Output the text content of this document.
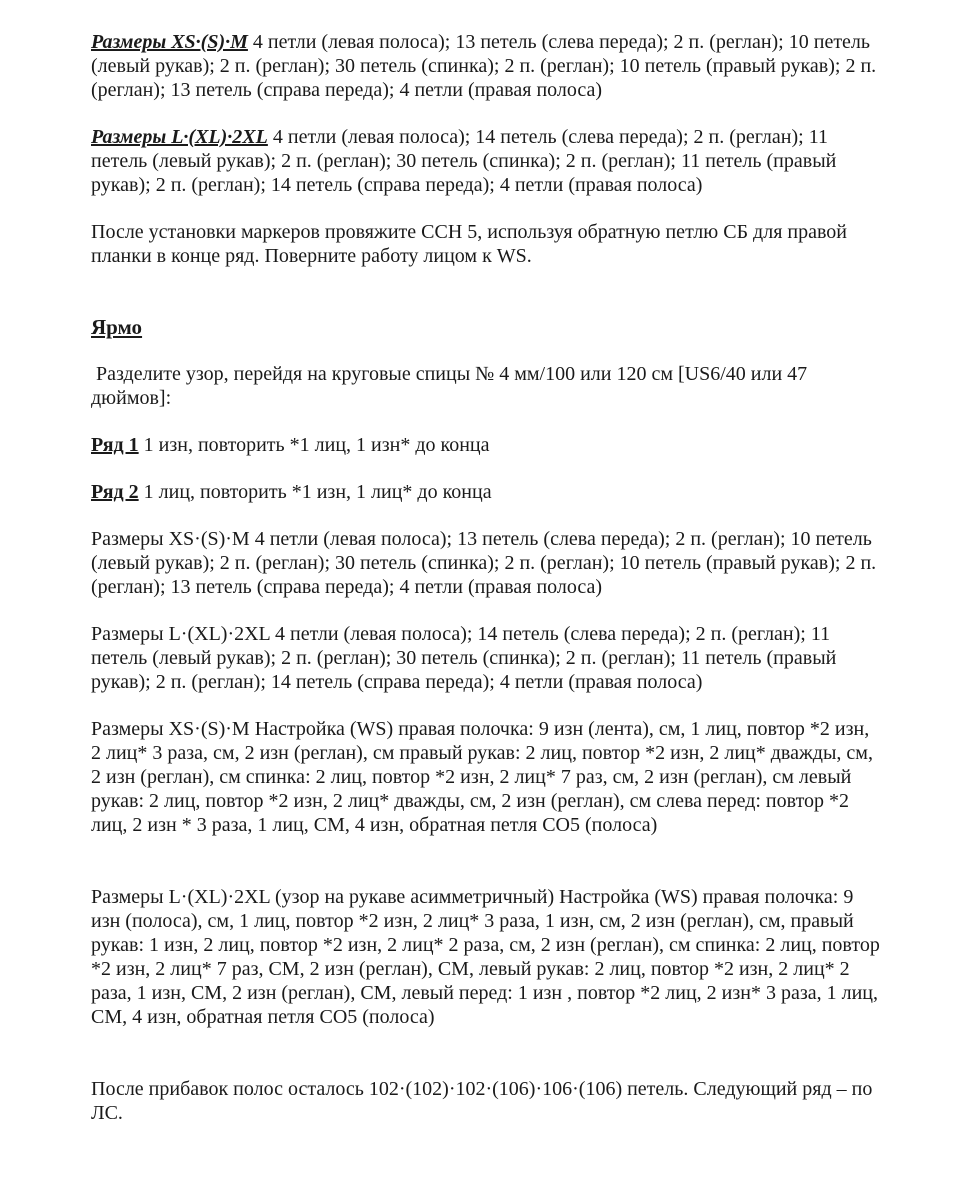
Размеры XS·(S)·M 4 петли (левая полоса); 13 петель (слева переда); 2 п. (реглан); 10 петель (левый рукав); 2 п. (реглан); 30 петель (спинка); 2 п. (реглан); 10 петель (правый рукав); 2 п. (реглан); 13 петель (справа переда); 4 петли (правая полоса)

Размеры L·(XL)·2XL 4 петли (левая полоса); 14 петель (слева переда); 2 п. (реглан); 11 петель (левый рукав); 2 п. (реглан); 30 петель (спинка); 2 п. (реглан); 11 петель (правый рукав); 2 п. (реглан); 14 петель (справа переда); 4 петли (правая полоса)

После установки маркеров провяжите ССН 5, используя обратную петлю СБ для правой планки в конце ряд. Поверните работу лицом к WS.

Ярмо

Разделите узор, перейдя на круговые спицы № 4 мм/100 или 120 см [US6/40 или 47 дюймов]:

Ряд 1 1 изн, повторить *1 лиц, 1 изн* до конца

Ряд 2 1 лиц, повторить *1 изн, 1 лиц* до конца

Размеры XS·(S)·M 4 петли (левая полоса); 13 петель (слева переда); 2 п. (реглан); 10 петель (левый рукав); 2 п. (реглан); 30 петель (спинка); 2 п. (реглан); 10 петель (правый рукав); 2 п. (реглан); 13 петель (справа переда); 4 петли (правая полоса)

Размеры L·(XL)·2XL 4 петли (левая полоса); 14 петель (слева переда); 2 п. (реглан); 11 петель (левый рукав); 2 п. (реглан); 30 петель (спинка); 2 п. (реглан); 11 петель (правый рукав); 2 п. (реглан); 14 петель (справа переда); 4 петли (правая полоса)

Размеры XS·(S)·M Настройка (WS) правая полочка: 9 изн (лента), см, 1 лиц, повтор *2 изн, 2 лиц* 3 раза, см, 2 изн (реглан), см правый рукав: 2 лиц, повтор *2 изн, 2 лиц* дважды, см, 2 изн (реглан), см спинка: 2 лиц, повтор *2 изн, 2 лиц* 7 раз, см, 2 изн (реглан), см левый рукав: 2 лиц, повтор *2 изн, 2 лиц* дважды, см, 2 изн (реглан), см слева перед: повтор *2 лиц, 2 изн * 3 раза, 1 лиц, СМ, 4 изн, обратная петля СО5 (полоса)

Размеры L·(XL)·2XL (узор на рукаве асимметричный) Настройка (WS) правая полочка: 9 изн (полоса), см, 1 лиц, повтор *2 изн, 2 лиц* 3 раза, 1 изн, см, 2 изн (реглан), см, правый рукав: 1 изн, 2 лиц, повтор *2 изн, 2 лиц* 2 раза, см, 2 изн (реглан), см спинка: 2 лиц, повтор *2 изн, 2 лиц* 7 раз, СМ, 2 изн (реглан), СМ, левый рукав: 2 лиц, повтор *2 изн, 2 лиц* 2 раза, 1 изн, СМ, 2 изн (реглан), СМ, левый перед: 1 изн , повтор *2 лиц, 2 изн* 3 раза, 1 лиц, СМ, 4 изн, обратная петля СО5 (полоса)

После прибавок полос осталось 102·(102)·102·(106)·106·(106) петель. Следующий ряд – по ЛС.
